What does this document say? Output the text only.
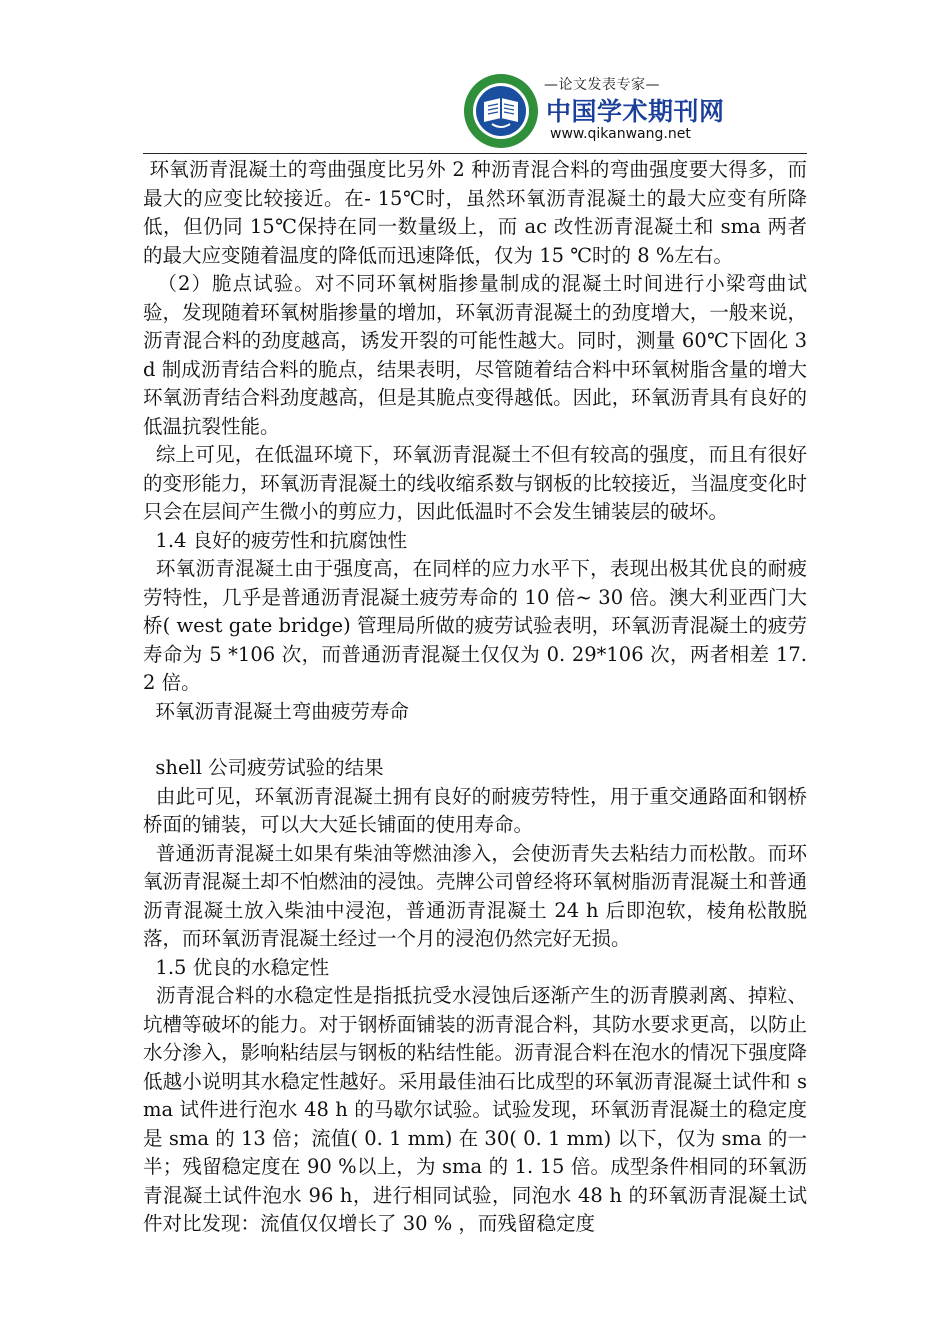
—论文发表专家—
中国学术期刊网
www.qikanwang.net

环氧沥青混凝土的弯曲强度比另外 2 种沥青混合料的弯曲强度要大得多，而最大的应变比较接近。在- 15℃时，虽然环氧沥青混凝土的最大应变有所降低，但仍同 15℃保持在同一数量级上，而 ac 改性沥青混凝土和 sma 两者的最大应变随着温度的降低而迅速降低，仅为 15 ℃时的 8 %左右。

（2）脆点试验。对不同环氧树脂掺量制成的混凝土时间进行小梁弯曲试验，发现随着环氧树脂掺量的增加，环氧沥青混凝土的劲度增大，一般来说，沥青混合料的劲度越高，诱发开裂的可能性越大。同时，测量 60℃下固化 3 d 制成沥青结合料的脆点，结果表明，尽管随着结合料中环氧树脂含量的增大环氧沥青结合料劲度越高，但是其脆点变得越低。因此，环氧沥青具有良好的低温抗裂性能。

综上可见，在低温环境下，环氧沥青混凝土不但有较高的强度，而且有很好的变形能力，环氧沥青混凝土的线收缩系数与钢板的比较接近，当温度变化时只会在层间产生微小的剪应力，因此低温时不会发生铺装层的破坏。

1.4 良好的疲劳性和抗腐蚀性

环氧沥青混凝土由于强度高，在同样的应力水平下，表现出极其优良的耐疲劳特性，几乎是普通沥青混凝土疲劳寿命的 10 倍~ 30 倍。澳大利亚西门大桥( west gate bridge) 管理局所做的疲劳试验表明，环氧沥青混凝土的疲劳寿命为 5 *106 次，而普通沥青混凝土仅仅为 0. 29*106 次，两者相差 17.2 倍。

环氧沥青混凝土弯曲疲劳寿命

shell 公司疲劳试验的结果

由此可见，环氧沥青混凝土拥有良好的耐疲劳特性，用于重交通路面和钢桥桥面的铺装，可以大大延长铺面的使用寿命。

普通沥青混凝土如果有柴油等燃油渗入，会使沥青失去粘结力而松散。而环氧沥青混凝土却不怕燃油的浸蚀。壳牌公司曾经将环氧树脂沥青混凝土和普通沥青混凝土放入柴油中浸泡，普通沥青混凝土 24 h 后即泡软，棱角松散脱落，而环氧沥青混凝土经过一个月的浸泡仍然完好无损。

1.5 优良的水稳定性

沥青混合料的水稳定性是指抵抗受水浸蚀后逐渐产生的沥青膜剥离、掉粒、坑槽等破坏的能力。对于钢桥面铺装的沥青混合料，其防水要求更高，以防止水分渗入，影响粘结层与钢板的粘结性能。沥青混合料在泡水的情况下强度降低越小说明其水稳定性越好。采用最佳油石比成型的环氧沥青混凝土试件和 sma 试件进行泡水 48 h 的马歇尔试验。试验发现，环氧沥青混凝土的稳定度是 sma 的 13 倍；流值( 0. 1 mm) 在 30( 0. 1 mm) 以下，仅为 sma 的一半；残留稳定度在 90 %以上，为 sma 的 1. 15 倍。成型条件相同的环氧沥青混凝土试件泡水 96 h，进行相同试验，同泡水 48 h 的环氧沥青混凝土试件对比发现：流值仅仅增长了 30 % ，而残留稳定度
